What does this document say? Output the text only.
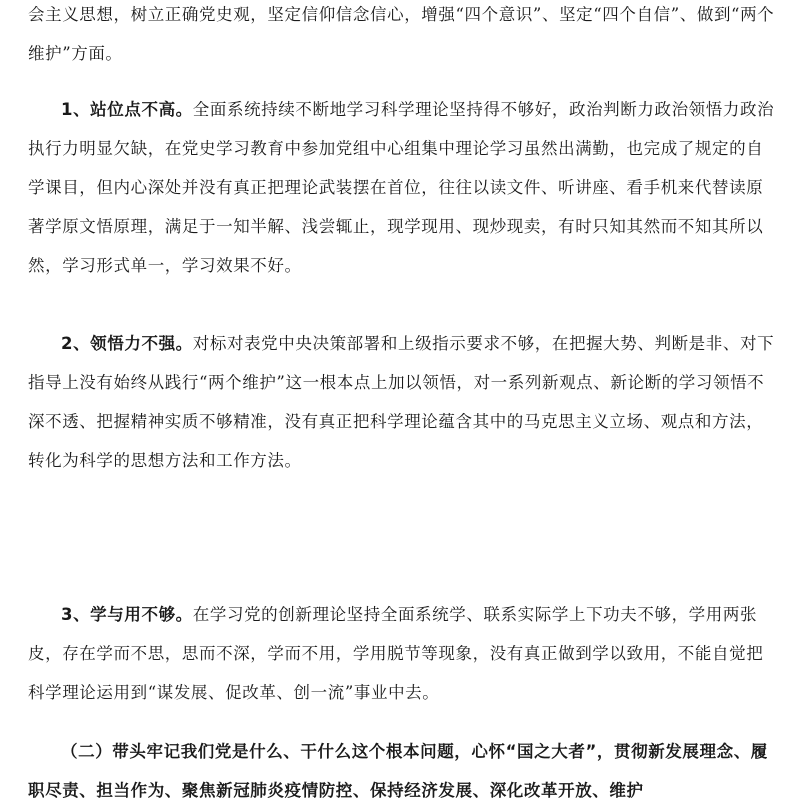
会主义思想，树立正确党史观，坚定信仰信念信心，增强“四个意识”、坚定“四个自信”、做到“两个维护”方面。

1、站位点不高。全面系统持续不断地学习科学理论坚持得不够好，政治判断力政治领悟力政治执行力明显欠缺，在党史学习教育中参加党组中心组集中理论学习虽然出满勤，也完成了规定的自学课目，但内心深处并没有真正把理论武装摆在首位，往往以读文件、听讲座、看手机来代替读原著学原文悟原理，满足于一知半解、浅尝辄止，现学现用、现炒现卖，有时只知其然而不知其所以然，学习形式单一，学习效果不好。

2、领悟力不强。对标对表党中央决策部署和上级指示要求不够，在把握大势、判断是非、对下指导上没有始终从践行“两个维护”这一根本点上加以领悟，对一系列新观点、新论断的学习领悟不深不透、把握精神实质不够精准，没有真正把科学理论蕴含其中的马克思主义立场、观点和方法，转化为科学的思想方法和工作方法。

3、学与用不够。在学习党的创新理论坚持全面系统学、联系实际学上下功夫不够，学用两张皮，存在学而不思，思而不深，学而不用，学用脱节等现象，没有真正做到学以致用，不能自觉把科学理论运用到“谋发展、促改革、创一流”事业中去。

（二）带头牢记我们党是什么、干什么这个根本问题，心怀“国之大者”，贯彻新发展理念、履职尽责、担当作为、聚焦新冠肺炎疫情防控、保持经济发展、深化改革开放、维护
